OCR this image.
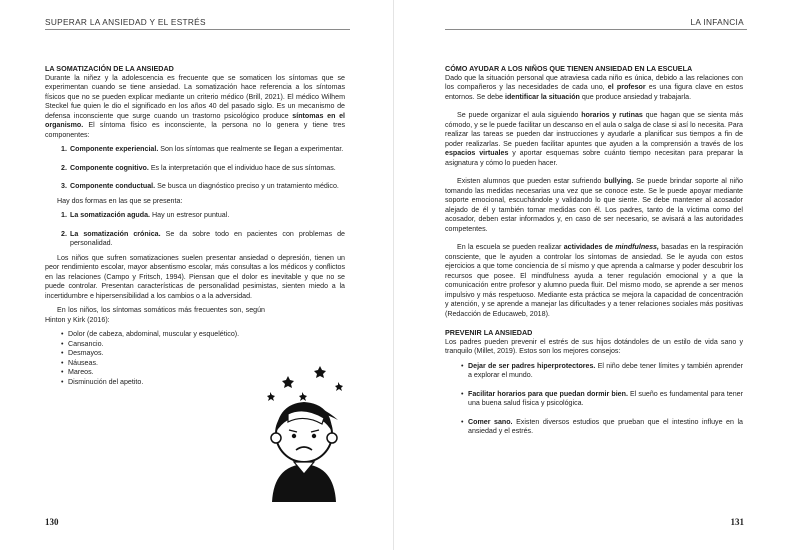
SUPERAR LA ANSIEDAD Y EL ESTRÉS

LA SOMATIZACIÓN DE LA ANSIEDAD

Durante la niñez y la adolescencia es frecuente que se somaticen los síntomas que se experimentan cuando se tiene ansiedad. La somatización hace referencia a los síntomas físicos que no se pueden explicar mediante un criterio médico (Brill, 2021). El médico Wilhem Steckel fue quien le dio el significado en los años 40 del pasado siglo. Es un mecanismo de defensa inconsciente que surge cuando un trastorno psicológico produce síntomas en el organismo. El síntoma físico es inconsciente, la persona no lo genera y tiene tres componentes:

1. Componente experiencial. Son los síntomas que realmente se llegan a experimentar.
2. Componente cognitivo. Es la interpretación que el individuo hace de sus síntomas.
3. Componente conductual. Se busca un diagnóstico preciso y un tratamiento médico.

Hay dos formas en las que se presenta:

1. La somatización aguda. Hay un estresor puntual.
2. La somatización crónica. Se da sobre todo en pacientes con problemas de personalidad.

Los niños que sufren somatizaciones suelen presentar ansiedad o depresión, tienen un peor rendimiento escolar, mayor absentismo escolar, más consultas a los médicos y conflictos en las relaciones (Campo y Fritsch, 1994). Piensan que el dolor es inevitable y que no se puede controlar. Presentan características de personalidad pesimistas, sienten miedo a la incertidumbre e hipersensibilidad a los cambios o a la adversidad.

En los niños, los síntomas somáticos más frecuentes son, según Hinton y Kirk (2016):

• Dolor (de cabeza, abdominal, muscular y esquelético).
• Cansancio.
• Desmayos.
• Náuseas.
• Mareos.
• Disminución del apetito.
130
LA INFANCIA

CÓMO AYUDAR A LOS NIÑOS QUE TIENEN ANSIEDAD EN LA ESCUELA

Dado que la situación personal que atraviesa cada niño es única, debido a las relaciones con los compañeros y las necesidades de cada uno, el profesor es una figura clave en estos entornos. Se debe identificar la situación que produce ansiedad y trabajarla.

Se puede organizar el aula siguiendo horarios y rutinas que hagan que se sienta más cómodo, y se le puede facilitar un descanso en el aula o salga de clase si así lo necesita. Para realizar las tareas se pueden dar instrucciones y ayudarle a planificar sus tiempos a fin de poder realizarlas. Se pueden facilitar apuntes que ayuden a la comprensión a través de los espacios virtuales y aportar esquemas sobre cuánto tiempo necesitan para preparar la asignatura y cómo lo pueden hacer.

Existen alumnos que pueden estar sufriendo bullying. Se puede brindar soporte al niño tomando las medidas necesarias una vez que se conoce este. Se le puede apoyar mediante soporte emocional, escuchándole y validando lo que siente. Se debe mantener al acosador alejado de él y también tomar medidas con él. Los padres, tanto de la víctima como del acosador, deben estar informados y, en caso de ser necesario, se avisará a las autoridades competentes.

En la escuela se pueden realizar actividades de mindfulness, basadas en la respiración consciente, que le ayuden a controlar los síntomas de ansiedad. Se le ayuda con estos ejercicios a que tome conciencia de sí mismo y que aprenda a calmarse y poder descubrir los recursos que posee. El mindfulness ayuda a tener regulación emocional y a que la comunicación entre profesor y alumno pueda fluir. Del mismo modo, se aprende a ser menos impulsivo y más respetuoso. Mediante esta práctica se mejora la capacidad de concentración y atención, y se aprende a manejar las dificultades y a tener relaciones sociales más positivas (Redacción de Educaweb, 2018).

PREVENIR LA ANSIEDAD

Los padres pueden prevenir el estrés de sus hijos dotándoles de un estilo de vida sano y tranquilo (Millet, 2019). Estos son los mejores consejos:

• Dejar de ser padres hiperprotectores. El niño debe tener límites y también aprender a explorar el mundo.
• Facilitar horarios para que puedan dormir bien. El sueño es fundamental para tener una buena salud física y psicológica.
• Comer sano. Existen diversos estudios que prueban que el intestino influye en la ansiedad y el estrés.
131
